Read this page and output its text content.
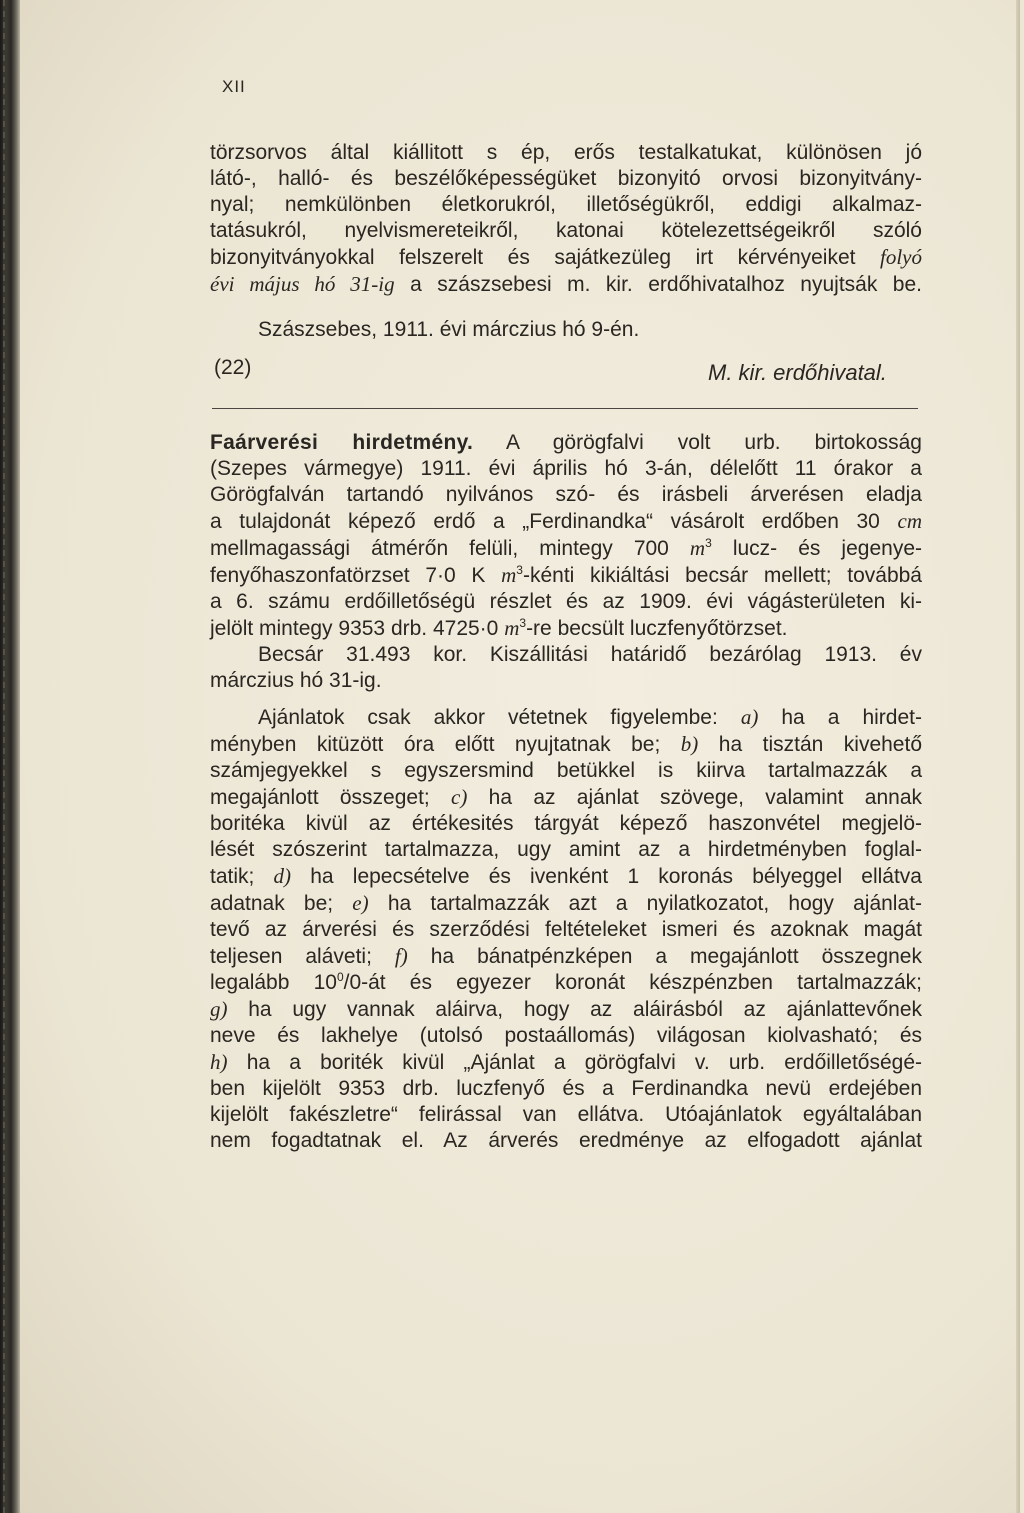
XII
törzsorvos által kiállitott s ép, erős testalkatukat, különösen jó
látó-, halló- és beszélőképességüket bizonyitó orvosi bizonyitvány-
nyal; nemkülönben életkorukról, illetőségükről, eddigi alkalmaz-
tatásukról, nyelvismereteikről, katonai kötelezettségeikről szóló
bizonyitványokkal felszerelt és sajátkezüleg irt kérvényeiket folyó
évi május hó 31-ig a szászsebesi m. kir. erdőhivatalhoz nyujtsák be.
Szászsebes, 1911. évi márczius hó 9-én.
(22)	M. kir. erdőhivatal.
Faárverési hirdetmény. A görögfalvi volt urb. birtokosság
(Szepes vármegye) 1911. évi április hó 3-án, délelőtt 11 órakor a
Görögfalván tartandó nyilvános szó- és irásbeli árverésen eladja
a tulajdonát képező erdő a „Ferdinandka“ vásárolt erdőben 30 cm
mellmagassági átmérőn felüli, mintegy 700 $m^3$ lucz- és jegenye-
fenyőhaszonfatörzset 7·0 K $m^3$-kénti kikiáltási becsár mellett; továbbá
a 6. számu erdőilletőségü részlet és az 1909. évi vágásterületen ki-
jelölt mintegy 9353 drb. 4725·0 $m^3-re$ becsült luczfenyőtörzset.
Becsár 31.493 kor. Kiszállitási határidő bezárólag 1913. év
márczius hó 31-ig.
Ajánlatok csak akkor vétetnek figyelembe: a) ha a hirdet-
ményben kitüzött óra előtt nyujtatnak be; b) ha tisztán kivehető
számjegyekkel s egyszersmind betükkel is kiirva tartalmazzák a
megajánlott összeget; c) ha az ajánlat szövege, valamint annak
boritéka kivül az értékesités tárgyát képező haszonvétel megjelö-
lését szószerint tartalmazza, ugy amint az a hirdetményben foglal-
tatik; d) ha lepecsételve és ivenként 1 koronás bélyeggel ellátva
adatnak be; e) ha tartalmazzák azt a nyilatkozatot, hogy ajánlat-
tevő az árverési és szerződési feltételeket ismeri és azoknak magát
teljesen aláveti; f) ha bánatpénzképen a megajánlott összegnek
legalább $10^0/0-át$ és egyezer koronát készpénzben tartalmazzák;
g) ha ugy vannak aláirva, hogy az aláirásból az ajánlattevőnek
neve és lakhelye (utolsó postaállomás) világosan kiolvasható; és
h) ha a boriték kivül „Ajánlat a görögfalvi v. urb. erdőilletőségé-
ben kijelölt 9353 drb. luczfenyő és a Ferdinandka nevü erdejében
kijelölt fakészletre“ felirással van ellátva. Utóajánlatok egyáltalában
nem fogadtatnak el. Az árverés eredménye az elfogadott ajánlat
